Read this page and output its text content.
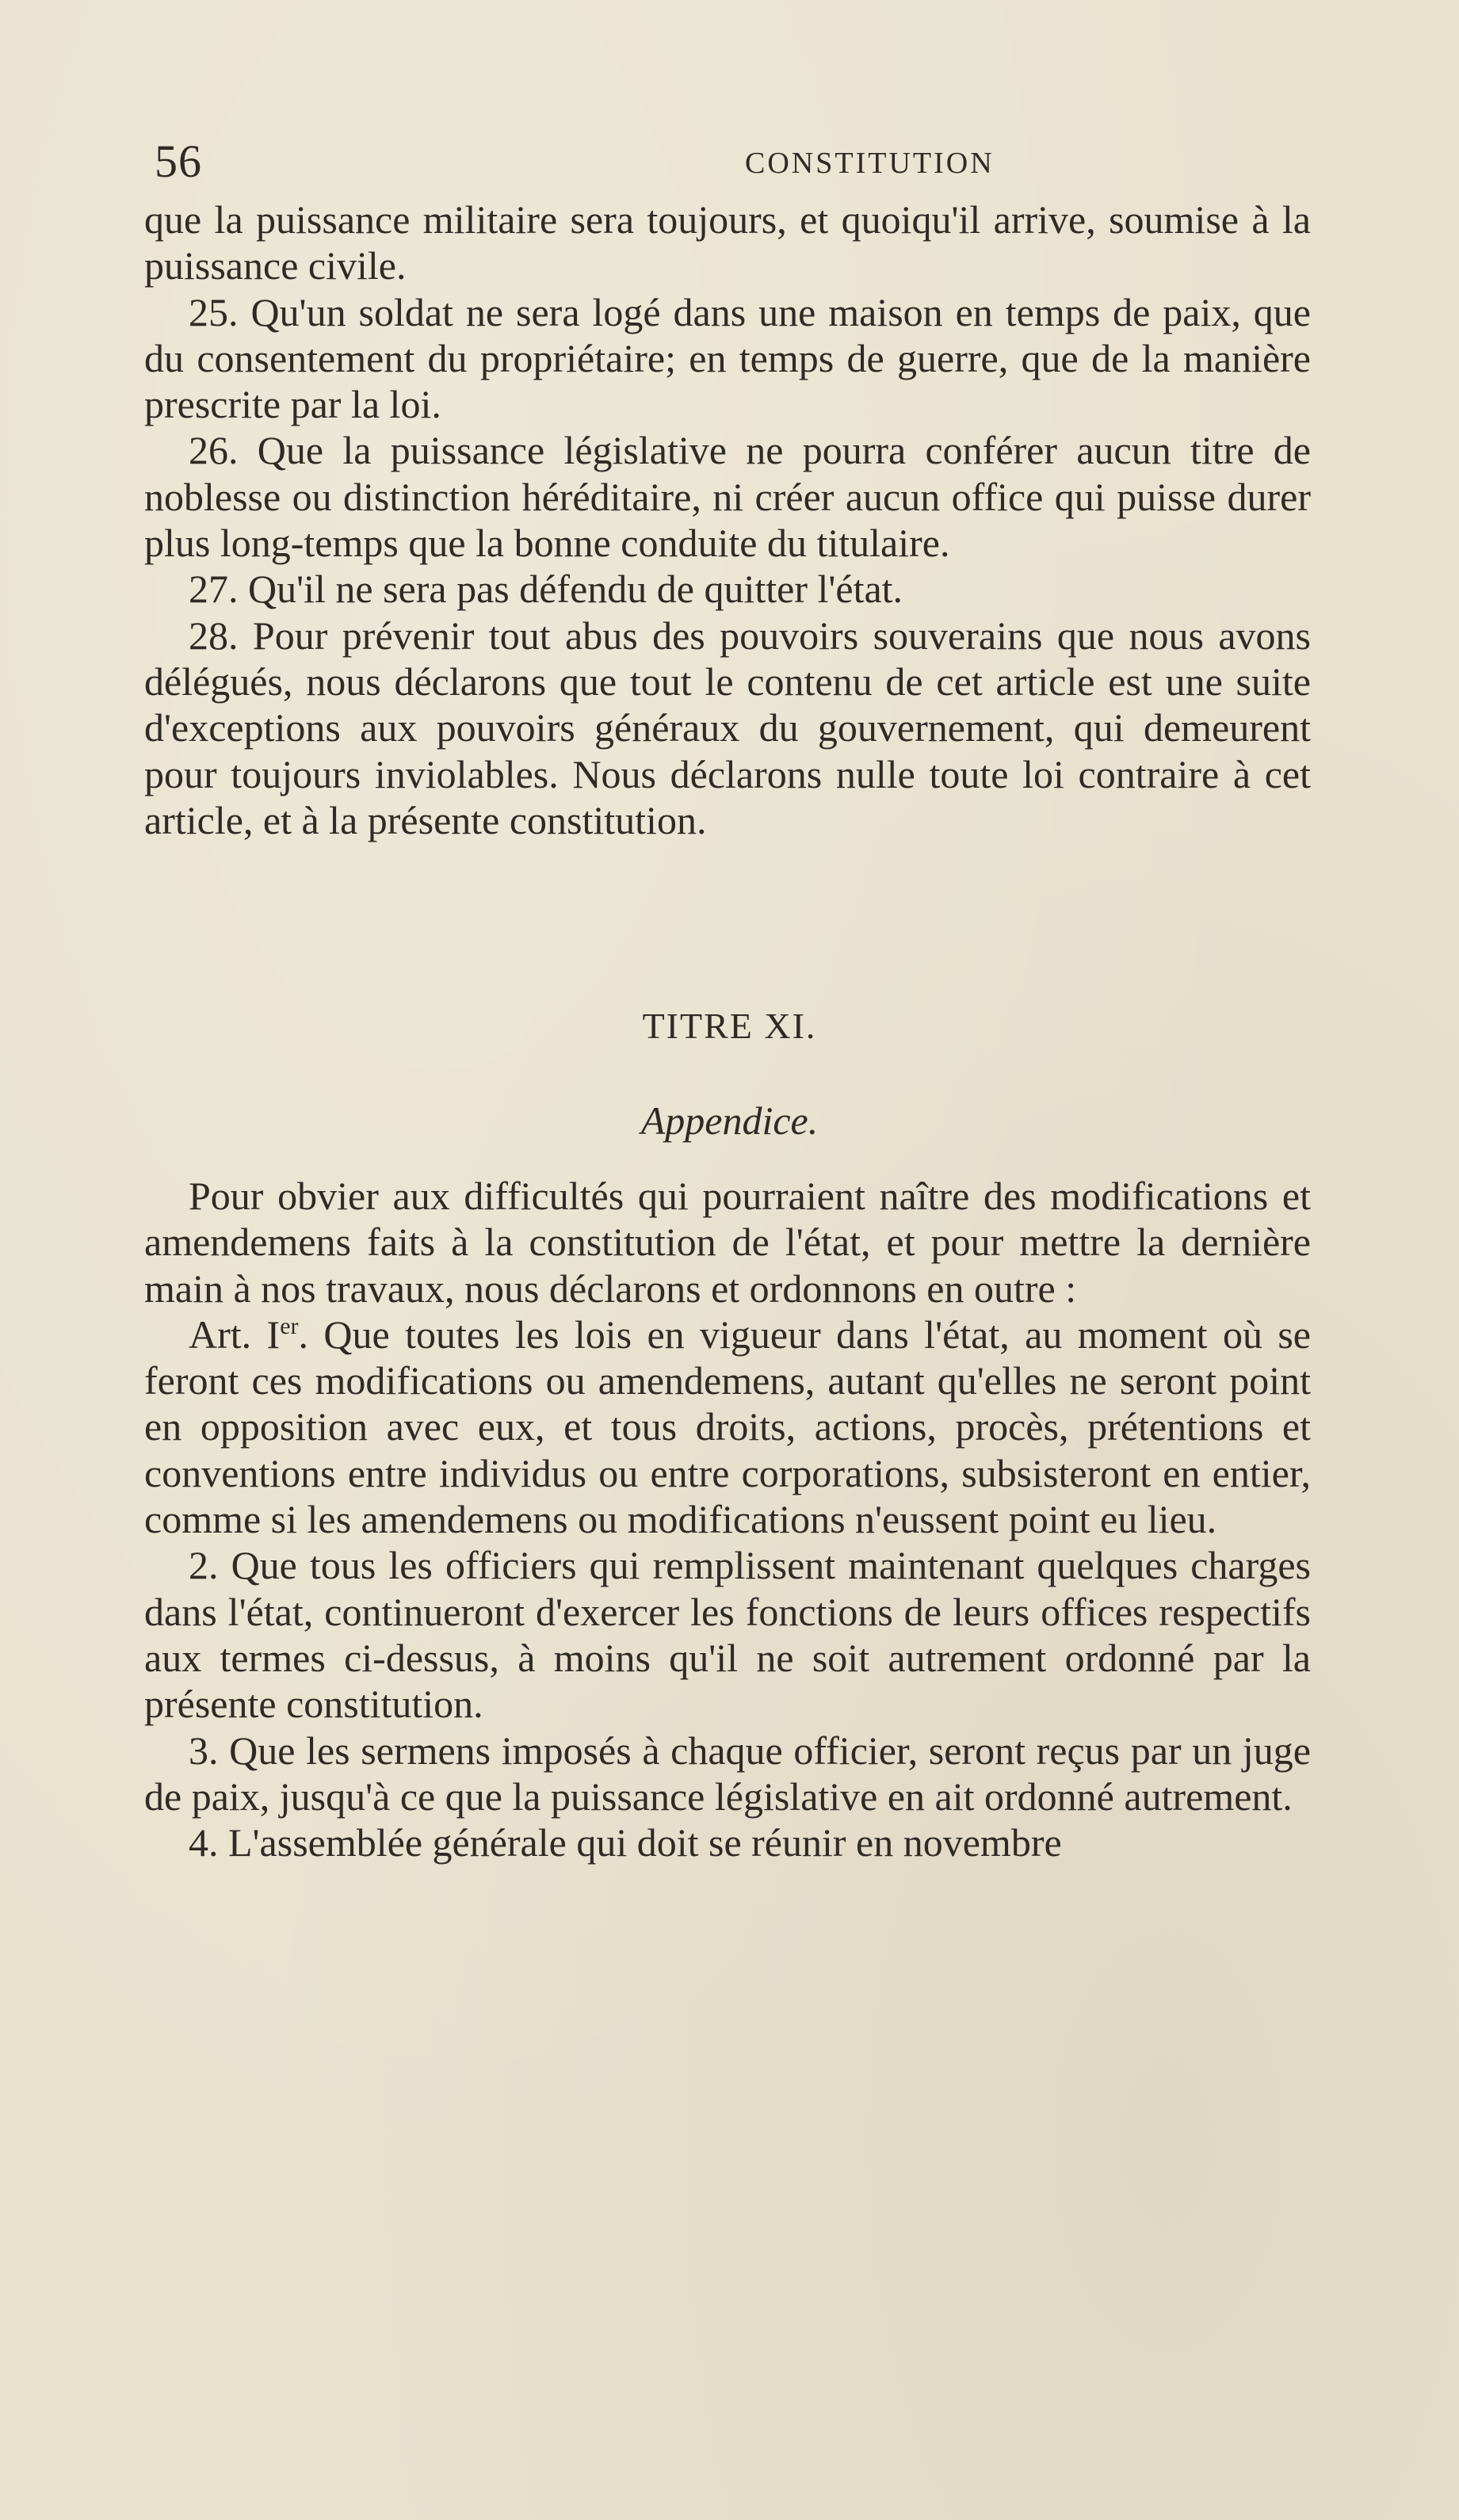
56	CONSTITUTION

que la puissance militaire sera toujours, et quoiqu'il arrive, soumise à la puissance civile.

25. Qu'un soldat ne sera logé dans une maison en temps de paix, que du consentement du propriétaire; en temps de guerre, que de la manière prescrite par la loi.

26. Que la puissance législative ne pourra conférer aucun titre de noblesse ou distinction héréditaire, ni créer aucun office qui puisse durer plus long-temps que la bonne conduite du titulaire.

27. Qu'il ne sera pas défendu de quitter l'état.

28. Pour prévenir tout abus des pouvoirs souverains que nous avons délégués, nous déclarons que tout le contenu de cet article est une suite d'exceptions aux pouvoirs généraux du gouvernement, qui demeurent pour toujours inviolables. Nous déclarons nulle toute loi contraire à cet article, et à la présente constitution.

TITRE XI.
Appendice.

Pour obvier aux difficultés qui pourraient naître des modifications et amendemens faits à la constitution de l'état, et pour mettre la dernière main à nos travaux, nous déclarons et ordonnons en outre :

Art. Ier. Que toutes les lois en vigueur dans l'état, au moment où se feront ces modifications ou amendemens, autant qu'elles ne seront point en opposition avec eux, et tous droits, actions, procès, prétentions et conventions entre individus ou entre corporations, subsisteront en entier, comme si les amendemens ou modifications n'eussent point eu lieu.

2. Que tous les officiers qui remplissent maintenant quelques charges dans l'état, continueront d'exercer les fonctions de leurs offices respectifs aux termes ci-dessus, à moins qu'il ne soit autrement ordonné par la présente constitution.

3. Que les sermens imposés à chaque officier, seront reçus par un juge de paix, jusqu'à ce que la puissance législative en ait ordonné autrement.

4. L'assemblée générale qui doit se réunir en novembre
